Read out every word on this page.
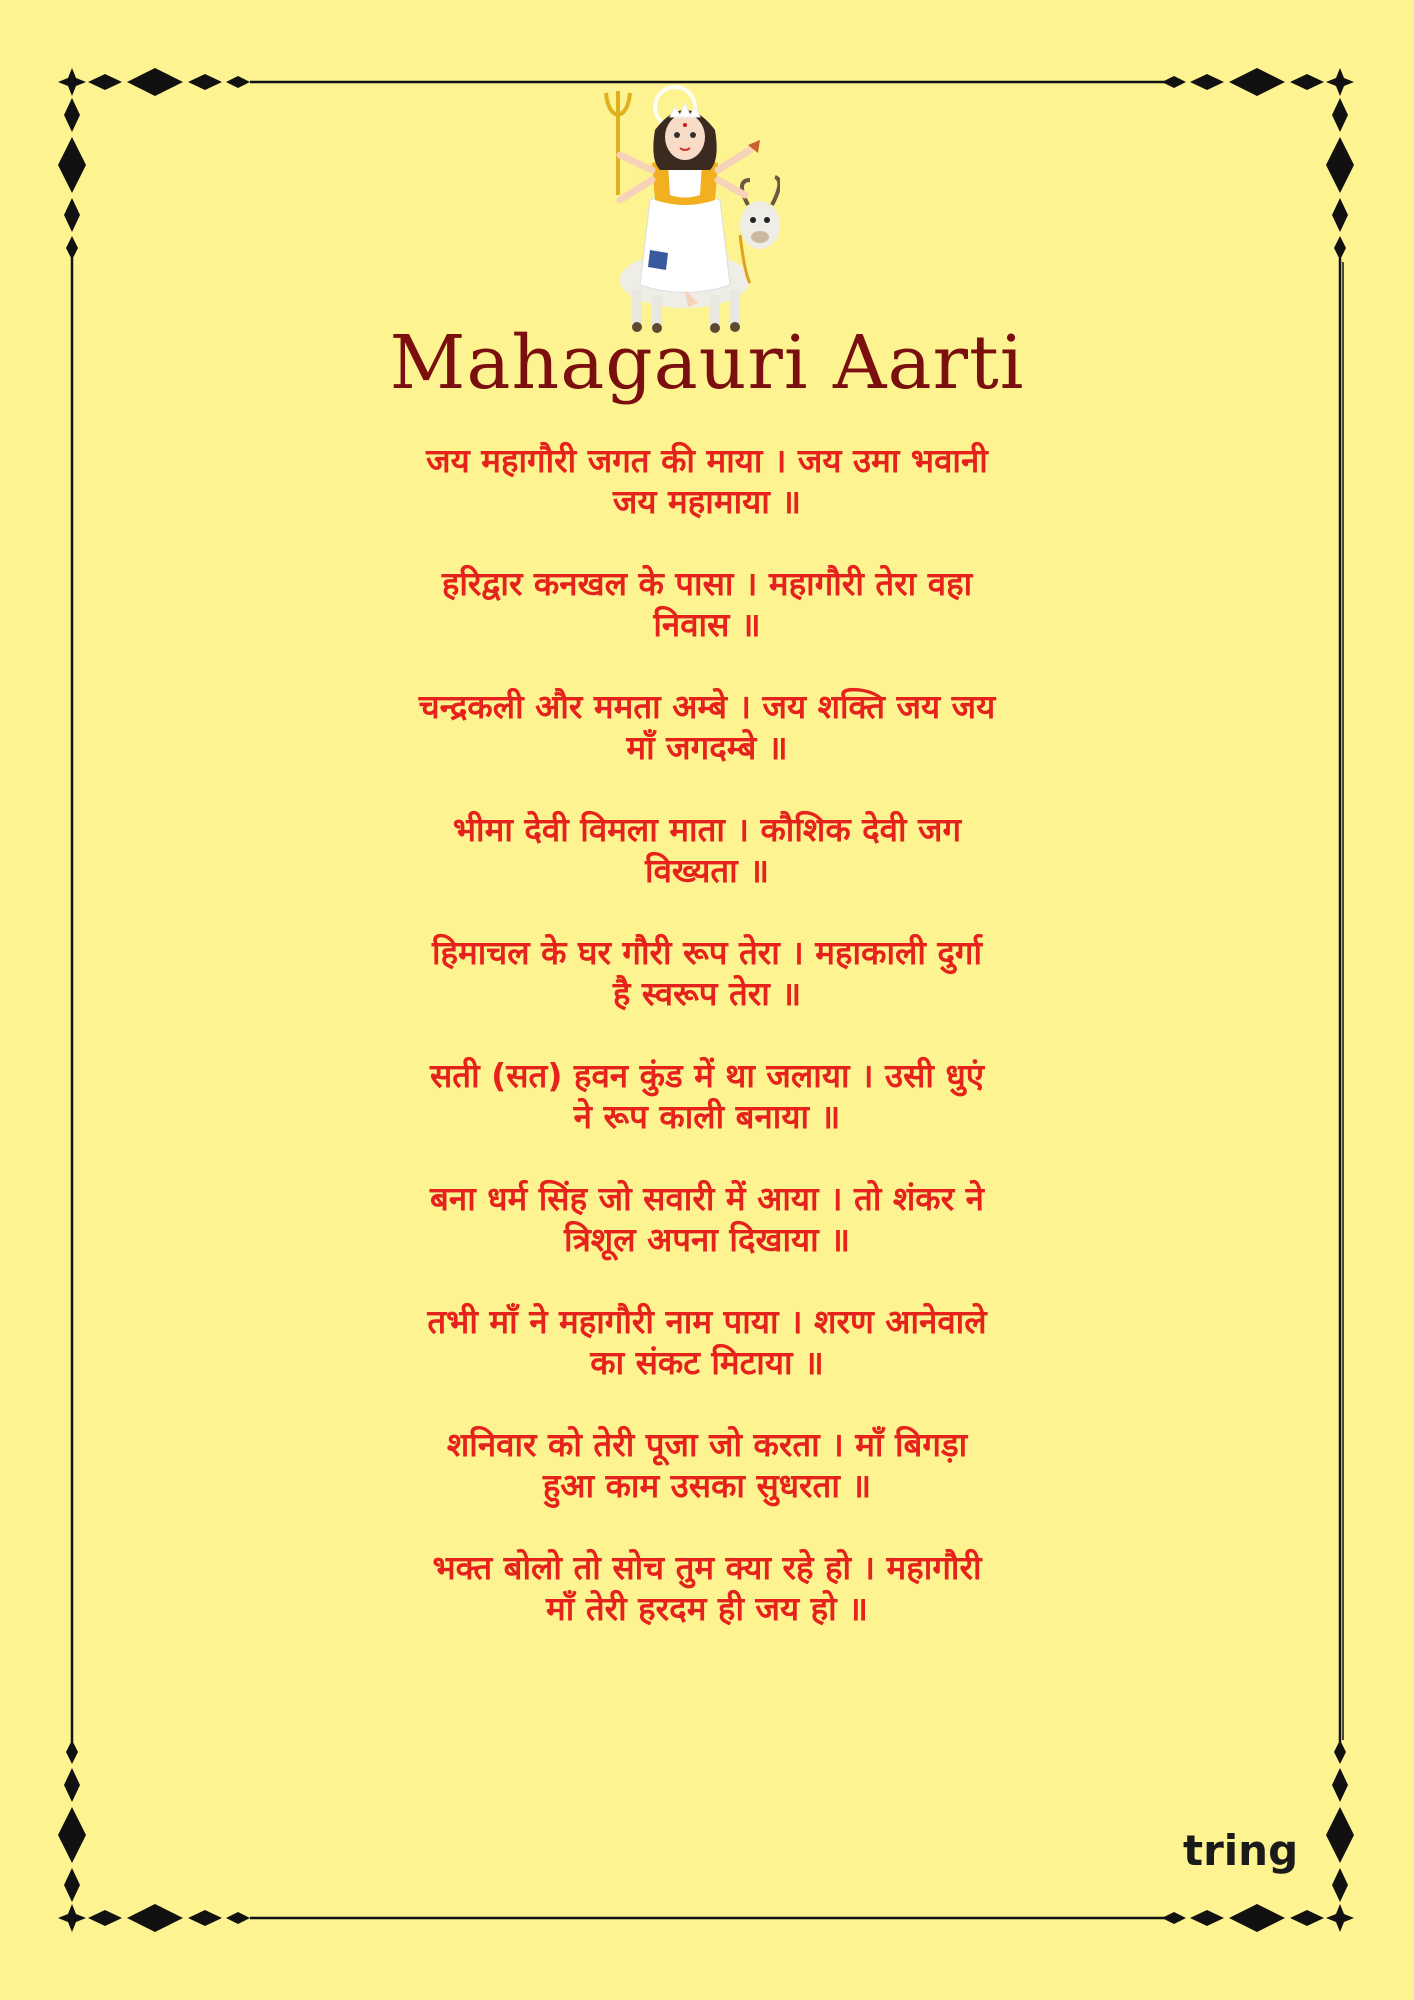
Mahagauri Aarti
जय महागौरी जगत की माया । जय उमा भवानी
जय महामाया ॥
हरिद्वार कनखल के पासा । महागौरी तेरा वहा
निवास ॥
चन्द्रकली और ममता अम्बे । जय शक्ति जय जय
माँ जगदम्बे ॥
भीमा देवी विमला माता । कौशिक देवी जग
विख्यता ॥
हिमाचल के घर गौरी रूप तेरा । महाकाली दुर्गा
है स्वरूप तेरा ॥
सती (सत) हवन कुंड में था जलाया । उसी धुएं
ने रूप काली बनाया ॥
बना धर्म सिंह जो सवारी में आया । तो शंकर ने
त्रिशूल अपना दिखाया ॥
तभी माँ ने महागौरी नाम पाया । शरण आनेवाले
का संकट मिटाया ॥
शनिवार को तेरी पूजा जो करता । माँ बिगड़ा
हुआ काम उसका सुधरता ॥
भक्त बोलो तो सोच तुम क्या रहे हो । महागौरी
माँ तेरी हरदम ही जय हो ॥
tring
